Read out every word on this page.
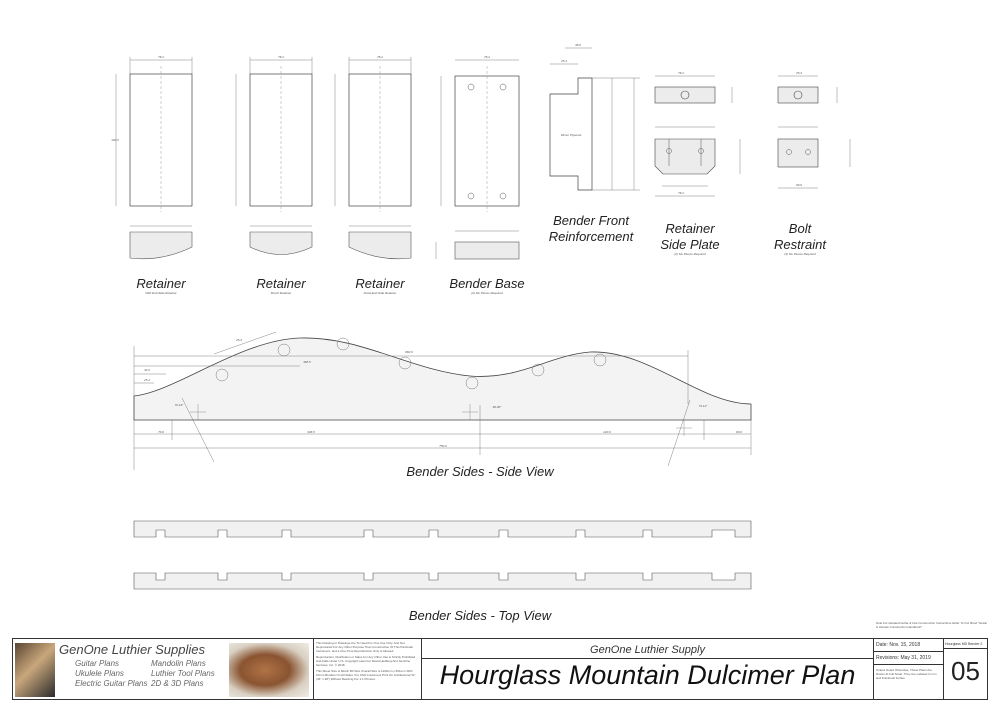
76.2	76.2	76.2	76.2
190.5
38.0
25.4
76.2
76.2
25.4
60.0
25.4
468.5
660.0
32.0
25.4
72.16°	90.00°	74.12°
70.0	336.5	240.0	60.0
750.0
Retainer
With End-Side Retainer
Retainer
Mount Retainer
Retainer
Fixed-End Side Retainer
Bender Base
(2) Six Pieces Required
18mm Plywood
Bender Front
Reinforcement
Retainer
Side Plate
(2) Six Pieces Required
Bolt
Restraint
(4) Six Pieces Required
Bender Sides - Side View
Bender Sides - Top View	Note For Detailed Guitar & Uke Construction Instructions Refer To Our Book "Guitar & Ukulele Construction Handbook"
GenOne Luthier Supplies
Guitar Plans
Ukulele Plans
Electric Guitar Plans
Mandolin Plans
Luthier Tool Plans
2D & 3D Plans
This Drawing or Drawings Are To Used For One Use Only. And Not Reproduced For Any Other Purpose Than Construction Of This Particular Instrument, and a One-Time Reproduction Only is Allowed.
Reproduction, Distribution or Sales For Any Other Use is Strictly Prohibited And Falls Under U.S. Copyright Laws For David Hedburg And GenOne Services, Inc. © 2018
This Sheet Size is Metric B3 Size Overall Size is 1100mm x 841mm With 10mm Borders On All Sides. For USA Customers Print On Architectural "E" (36" x 48") Without Resizing For 1:1 Printout.
GenOne Luthier Supply
Hourglass Mountain Dulcimer Plan
Date: Nov. 15, 2018
Revisions: May 31, 2019
Unless Noted Otherwise, These Plans Are Drawn At Full Scale. They Are Labeled In mm and Fractional Inches.
Hourglass MD Bender 2
05
